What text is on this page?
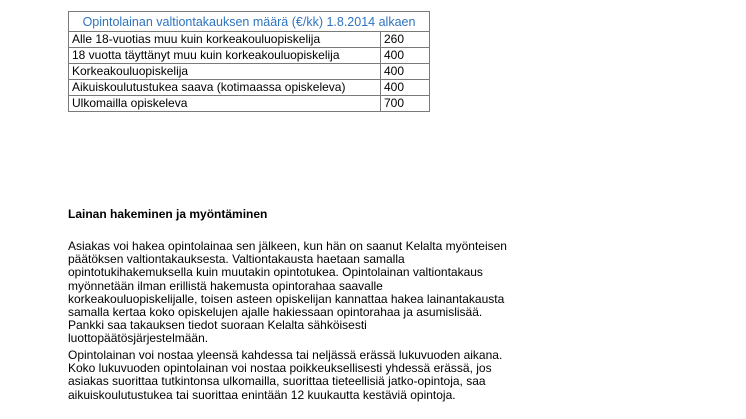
Opintolainan valtiontakauksen määrä (€/kk) 1.8.2014 alkaen	
Alle 18-vuotias muu kuin korkeakouluopiskelija	260
18 vuotta täyttänyt muu kuin korkeakouluopiskelija	400
Korkeakouluopiskelija	400
Aikuiskoulutustukea saava (kotimaassa opiskeleva)	400
Ulkomailla opiskeleva	700
Lainan hakeminen ja myöntäminen

Asiakas voi hakea opintolainaa sen jälkeen, kun hän on saanut Kelalta myönteisen päätöksen valtiontakauksesta. Valtiontakausta haetaan samalla opintotukihakemuksella kuin muutakin opintotukea. Opintolainan valtiontakaus myönnetään ilman erillistä hakemusta opintorahaa saavalle korkeakouluopiskelijalle, toisen asteen opiskelijan kannattaa hakea lainantakausta samalla kertaa koko opiskelujen ajalle hakiessaan opintorahaa ja asumislisää. Pankki saa takauksen tiedot suoraan Kelalta sähköisesti luottopäätösjärjestelmään.

Opintolainan voi nostaa yleensä kahdessa tai neljässä erässä lukuvuoden aikana. Koko lukuvuoden opintolainan voi nostaa poikkeuksellisesti yhdessä erässä, jos asiakas suorittaa tutkintonsa ulkomailla, suorittaa tieteellisiä jatko-opintoja, saa aikuiskoulutustukea tai suorittaa enintään 12 kuukautta kestäviä opintoja.
